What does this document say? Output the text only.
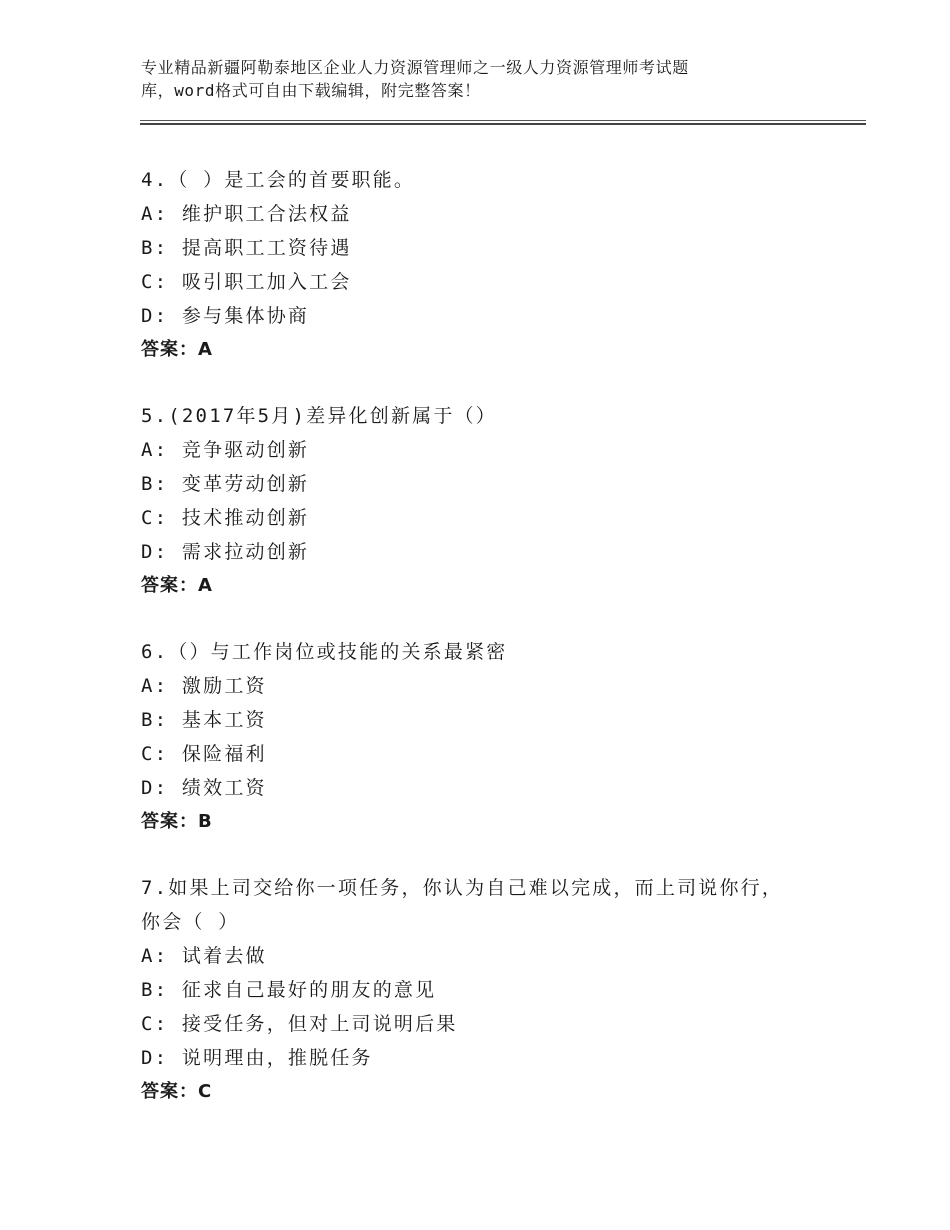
专业精品新疆阿勒泰地区企业人力资源管理师之一级人力资源管理师考试题
库，word格式可自由下载编辑，附完整答案！
4.（ ）是工会的首要职能。
A: 维护职工合法权益
B: 提高职工工资待遇
C: 吸引职工加入工会
D: 参与集体协商
答案：A
5.(2017年5月)差异化创新属于（）
A: 竞争驱动创新
B: 变革劳动创新
C: 技术推动创新
D: 需求拉动创新
答案：A
6.（）与工作岗位或技能的关系最紧密
A: 激励工资
B: 基本工资
C: 保险福利
D: 绩效工资
答案：B
7.如果上司交给你一项任务，你认为自己难以完成，而上司说你行，
你会（ ）
A: 试着去做
B: 征求自己最好的朋友的意见
C: 接受任务，但对上司说明后果
D: 说明理由，推脱任务
答案：C
